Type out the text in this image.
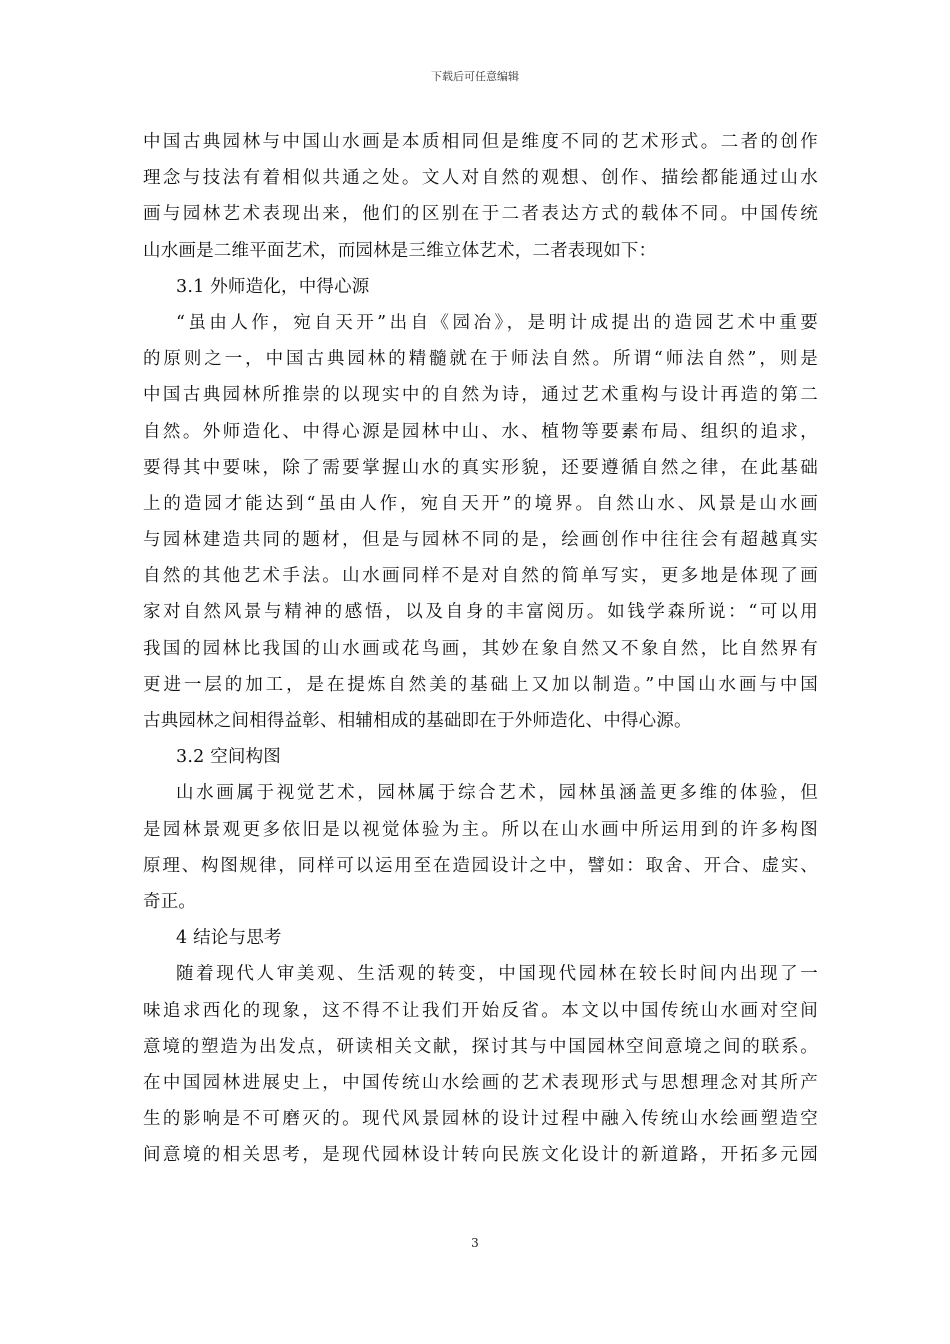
下载后可任意编辑
中国古典园林与中国山水画是本质相同但是维度不同的艺术形式。二者的创作
理念与技法有着相似共通之处。文人对自然的观想、创作、描绘都能通过山水
画与园林艺术表现出来，他们的区别在于二者表达方式的载体不同。中国传统
山水画是二维平面艺术，而园林是三维立体艺术，二者表现如下：
3.1 外师造化，中得心源
“虽由人作，宛自天开”出自《园冶》，是明计成提出的造园艺术中重要
的原则之一，中国古典园林的精髓就在于师法自然。所谓“师法自然”，则是
中国古典园林所推崇的以现实中的自然为诗，通过艺术重构与设计再造的第二
自然。外师造化、中得心源是园林中山、水、植物等要素布局、组织的追求，
要得其中要味，除了需要掌握山水的真实形貌，还要遵循自然之律，在此基础
上的造园才能达到“虽由人作，宛自天开”的境界。自然山水、风景是山水画
与园林建造共同的题材，但是与园林不同的是，绘画创作中往往会有超越真实
自然的其他艺术手法。山水画同样不是对自然的简单写实，更多地是体现了画
家对自然风景与精神的感悟，以及自身的丰富阅历。如钱学森所说：“可以用
我国的园林比我国的山水画或花鸟画，其妙在象自然又不象自然，比自然界有
更进一层的加工，是在提炼自然美的基础上又加以制造。”中国山水画与中国
古典园林之间相得益彰、相辅相成的基础即在于外师造化、中得心源。
3.2 空间构图
山水画属于视觉艺术，园林属于综合艺术，园林虽涵盖更多维的体验，但
是园林景观更多依旧是以视觉体验为主。所以在山水画中所运用到的许多构图
原理、构图规律，同样可以运用至在造园设计之中，譬如：取舍、开合、虚实、
奇正。
4 结论与思考
随着现代人审美观、生活观的转变，中国现代园林在较长时间内出现了一
味追求西化的现象，这不得不让我们开始反省。本文以中国传统山水画对空间
意境的塑造为出发点，研读相关文献，探讨其与中国园林空间意境之间的联系。
在中国园林进展史上，中国传统山水绘画的艺术表现形式与思想理念对其所产
生的影响是不可磨灭的。现代风景园林的设计过程中融入传统山水绘画塑造空
间意境的相关思考，是现代园林设计转向民族文化设计的新道路，开拓多元园
3
